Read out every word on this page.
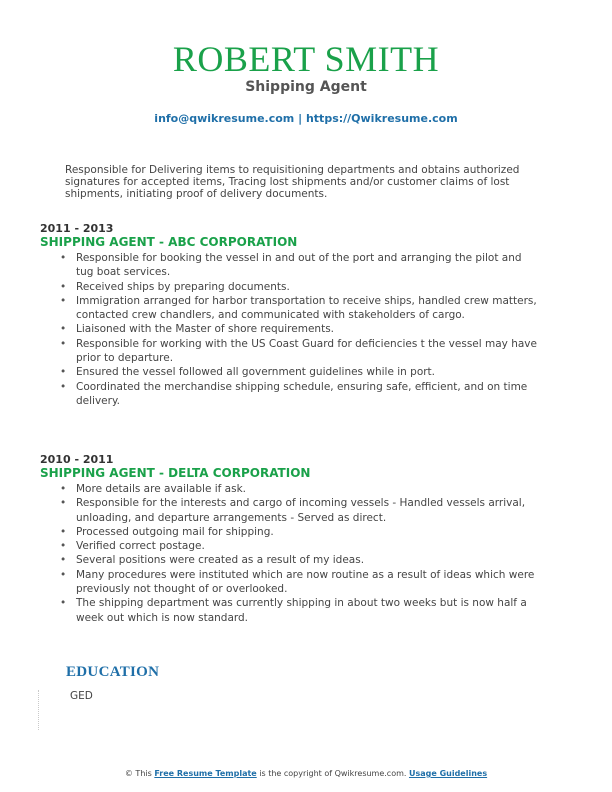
ROBERT SMITH
Shipping Agent
info@qwikresume.com | https://Qwikresume.com
Responsible for Delivering items to requisitioning departments and obtains authorized signatures for accepted items, Tracing lost shipments and/or customer claims of lost shipments, initiating proof of delivery documents.
2011 - 2013
SHIPPING AGENT - ABC CORPORATION
• Responsible for booking the vessel in and out of the port and arranging the pilot and tug boat services.
• Received ships by preparing documents.
• Immigration arranged for harbor transportation to receive ships, handled crew matters, contacted crew chandlers, and communicated with stakeholders of cargo.
• Liaisoned with the Master of shore requirements.
• Responsible for working with the US Coast Guard for deficiencies t the vessel may have prior to departure.
• Ensured the vessel followed all government guidelines while in port.
• Coordinated the merchandise shipping schedule, ensuring safe, efficient, and on time delivery.
2010 - 2011
SHIPPING AGENT - DELTA CORPORATION
• More details are available if ask.
• Responsible for the interests and cargo of incoming vessels - Handled vessels arrival, unloading, and departure arrangements - Served as direct.
• Processed outgoing mail for shipping.
• Verified correct postage.
• Several positions were created as a result of my ideas.
• Many procedures were instituted which are now routine as a result of ideas which were previously not thought of or overlooked.
• The shipping department was currently shipping in about two weeks but is now half a week out which is now standard.
EDUCATION
GED
© This Free Resume Template is the copyright of Qwikresume.com. Usage Guidelines
